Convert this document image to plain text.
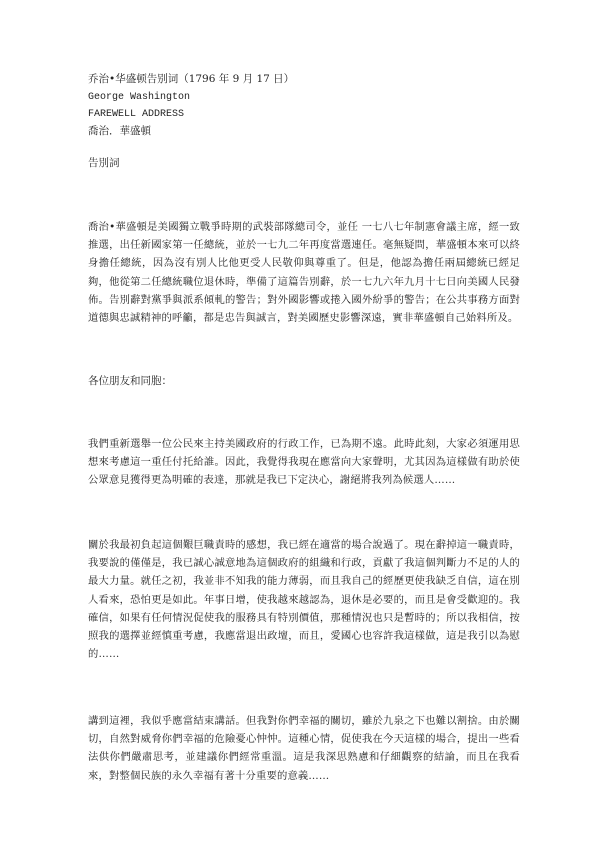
乔治•华盛顿告别词（1796 年 9 月 17 日）
George Washington
FAREWELL ADDRESS
喬治．華盛頓
告別詞
喬治•華盛頓是美國獨立戰爭時期的武裝部隊總司令，並任 一七八七年制憲會議主席，經一致推選，出任新國家第一任總統，並於一七九二年再度當選連任。毫無疑問，華盛頓本來可以終身擔任總統，因為沒有別人比他更受人民敬仰與尊重了。但是，他認為擔任兩屆總統已經足夠，他從第二任總統職位退休時，準備了這篇告別辭，於一七九六年九月十七日向美國人民發佈。告別辭對黨爭與派系傾軋的警告；對外國影響或捲入國外紛爭的警告；在公共事務方面對道德與忠誠精神的呼籲，都是忠告與誠言，對美國歷史影響深遠，實非華盛頓自己始料所及。
各位朋友和同胞：
我們重新選舉一位公民來主持美國政府的行政工作，已為期不遠。此時此刻，大家必須運用思想來考慮這一重任付托給誰。因此，我覺得我現在應當向大家聲明，尤其因為這樣做有助於使公眾意見獲得更為明確的表達，那就是我已下定決心，謝絕將我列為候選人……
關於我最初負起這個艱巨職責時的感想，我已經在適當的場合說過了。現在辭掉這一職責時，我要說的僅僅是，我已誠心誠意地為這個政府的組織和行政，貢獻了我這個判斷力不足的人的最大力量。就任之初，我並非不知我的能力薄弱，而且我自己的經歷更使我缺乏自信，這在別人看來，恐怕更是如此。年事日增，使我越來越認為，退休是必要的，而且是會受歡迎的。我確信，如果有任何情況促使我的服務具有特別價值，那種情況也只是暫時的；所以我相信，按照我的選擇並經慎重考慮，我應當退出政壇，而且，愛國心也容許我這樣做，這是我引以為慰的……
講到這裡，我似乎應當結束講話。但我對你們幸福的關切，雖於九泉之下也難以割捨。由於關切，自然對威脅你們幸福的危險憂心忡忡。這種心情，促使我在今天這樣的場合，提出一些看法供你們嚴肅思考，並建議你們經常重溫。這是我深思熟慮和仔細觀察的結論，而且在我看來，對整個民族的永久幸福有著十分重要的意義……
